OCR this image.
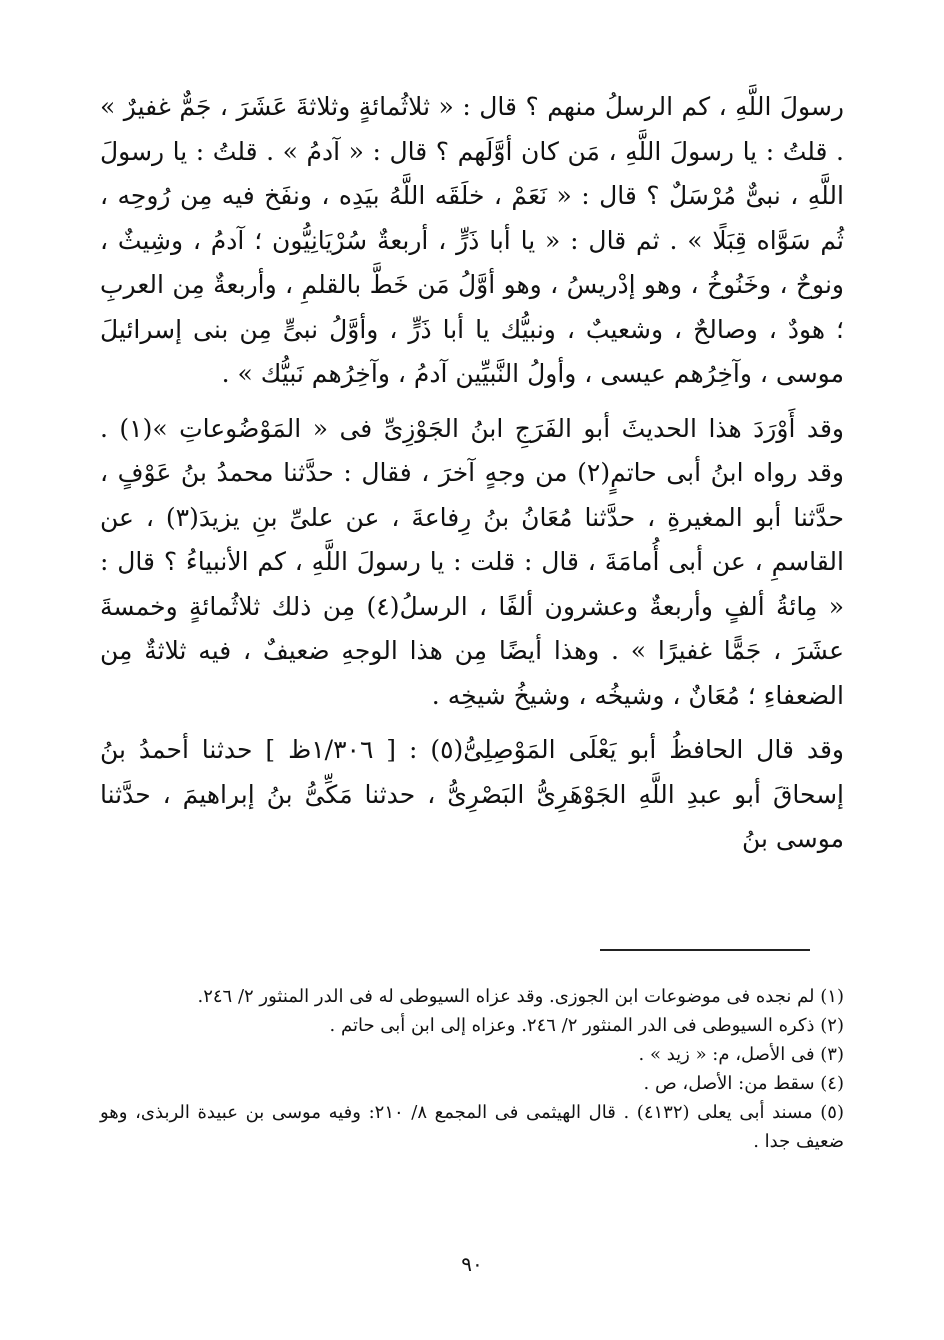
رسولَ اللَّهِ ، كم الرسلُ منهم ؟ قال : « ثلاثُمائةٍ وثلاثةَ عَشَرَ ، جَمٌّ غفيرٌ » . قلتُ : يا رسولَ اللَّهِ ، مَن كان أوَّلَهم ؟ قال : « آدمُ » . قلتُ : يا رسولَ اللَّهِ ، نبىٌّ مُرْسَلٌ ؟ قال : « نَعَمْ ، خلَقَه اللَّهُ بيَدِه ، ونفَخ فيه مِن رُوحِه ، ثُم سَوَّاه قِبَلًا » . ثم قال : « يا أبا ذَرٍّ ، أربعةٌ سُرْيَانِيُّون ؛ آدمُ ، وشِيثٌ ، ونوحٌ ، وخَنُوخُ ، وهو إدْريسُ ، وهو أوَّلُ مَن خَطَّ بالقلمِ ، وأربعةٌ مِن العربِ ؛ هودٌ ، وصالحٌ ، وشعيبٌ ، ونبيُّك يا أبا ذَرٍّ ، وأوَّلُ نبىٍّ مِن بنى إسرائيلَ موسى ، وآخِرُهم عيسى ، وأولُ النَّبيِّين آدمُ ، وآخِرُهم نَبيُّك » .

وقد أَوْرَدَ هذا الحديثَ أبو الفَرَجِ ابنُ الجَوْزِىِّ فى « المَوْضُوعاتِ »(١) . وقد رواه ابنُ أبى حاتمٍ(٢) من وجهٍ آخرَ ، فقال : حدَّثنا محمدُ بنُ عَوْفٍ ، حدَّثنا أبو المغيرةِ ، حدَّثنا مُعَانُ بنُ رِفاعةَ ، عن علىِّ بنِ يزيدَ(٣) ، عن القاسمِ ، عن أبى أُمامَةَ ، قال : قلت : يا رسولَ اللَّهِ ، كم الأنبياءُ ؟ قال : « مِائةُ ألفٍ وأربعةٌ وعشرون ألفًا ، الرسلُ(٤) مِن ذلك ثلاثُمائةٍ وخمسةَ عشَرَ ، جَمًّا غفيرًا » . وهذا أيضًا مِن هذا الوجهِ ضعيفٌ ، فيه ثلاثةٌ مِن الضعفاءِ ؛ مُعَانٌ ، وشيخُه ، وشيخُ شيخِه .

وقد قال الحافظُ أبو يَعْلَى المَوْصِلِىُّ(٥) : [ ١/٣٠٦ظ ] حدثنا أحمدُ بنُ إسحاقَ أبو عبدِ اللَّهِ الجَوْهَرِىُّ البَصْرِىُّ ، حدثنا مَكِّىُّ بنُ إبراهيمَ ، حدَّثنا موسى بنُ

(١) لم نجده فى موضوعات ابن الجوزى. وقد عزاه السيوطى له فى الدر المنثور ٢/ ٢٤٦.

(٢) ذكره السيوطى فى الدر المنثور ٢/ ٢٤٦. وعزاه إلى ابن أبى حاتم .

(٣) فى الأصل، م: « زيد » .

(٤) سقط من: الأصل، ص .

(٥) مسند أبى يعلى (٤١٣٢) . قال الهيثمى فى المجمع ٨/ ٢١٠: وفيه موسى بن عبيدة الربذى، وهو ضعيف جدا .

٩٠
